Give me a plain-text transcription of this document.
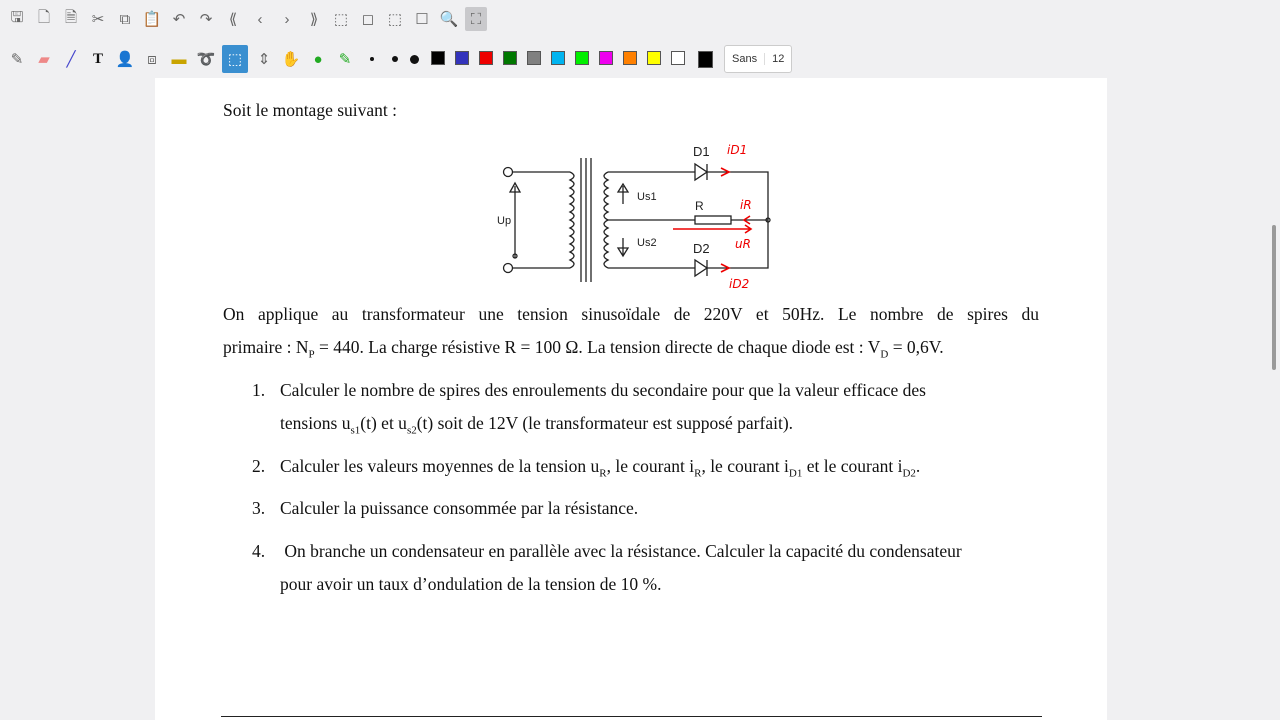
🖫 🗋 🗎 ✂	⧉ 📋 ↶ ↷	⟪	‹	›	⟫	⬚ ◻ ⬚ ☐ 🔍 ⛶
✎ ▰	╱	T 👤 ⧈ ▬ ➰ ⬚	⇕ ✋ ●	✎	Sans	12
Soit le montage suivant :
Up
Us1
Us2
R
D1
D2
iD1
iR
uR
iD2
On applique au transformateur une tension sinusoïdale de 220V et 50Hz. Le nombre de spires du
primaire : $N_P = 440$. La charge résistive R = 100 Ω. La tension directe de chaque diode est : $V_D = 0,6V$.
1. Calculer le nombre de spires des enroulements du secondaire pour que la valeur efficace des
tensions $u_{s1}(t)$ et $u_{s2}(t)$ soit de 12V (le transformateur est supposé parfait).
2. Calculer les valeurs moyennes de la tension $u_R$, le courant $i_R$, le courant $i_{D1}$ et le courant $i_{D2}$.
3. Calculer la puissance consommée par la résistance.
4. On branche un condensateur en parallèle avec la résistance. Calculer la capacité du condensateur
pour avoir un taux d’ondulation de la tension de 10 %.
